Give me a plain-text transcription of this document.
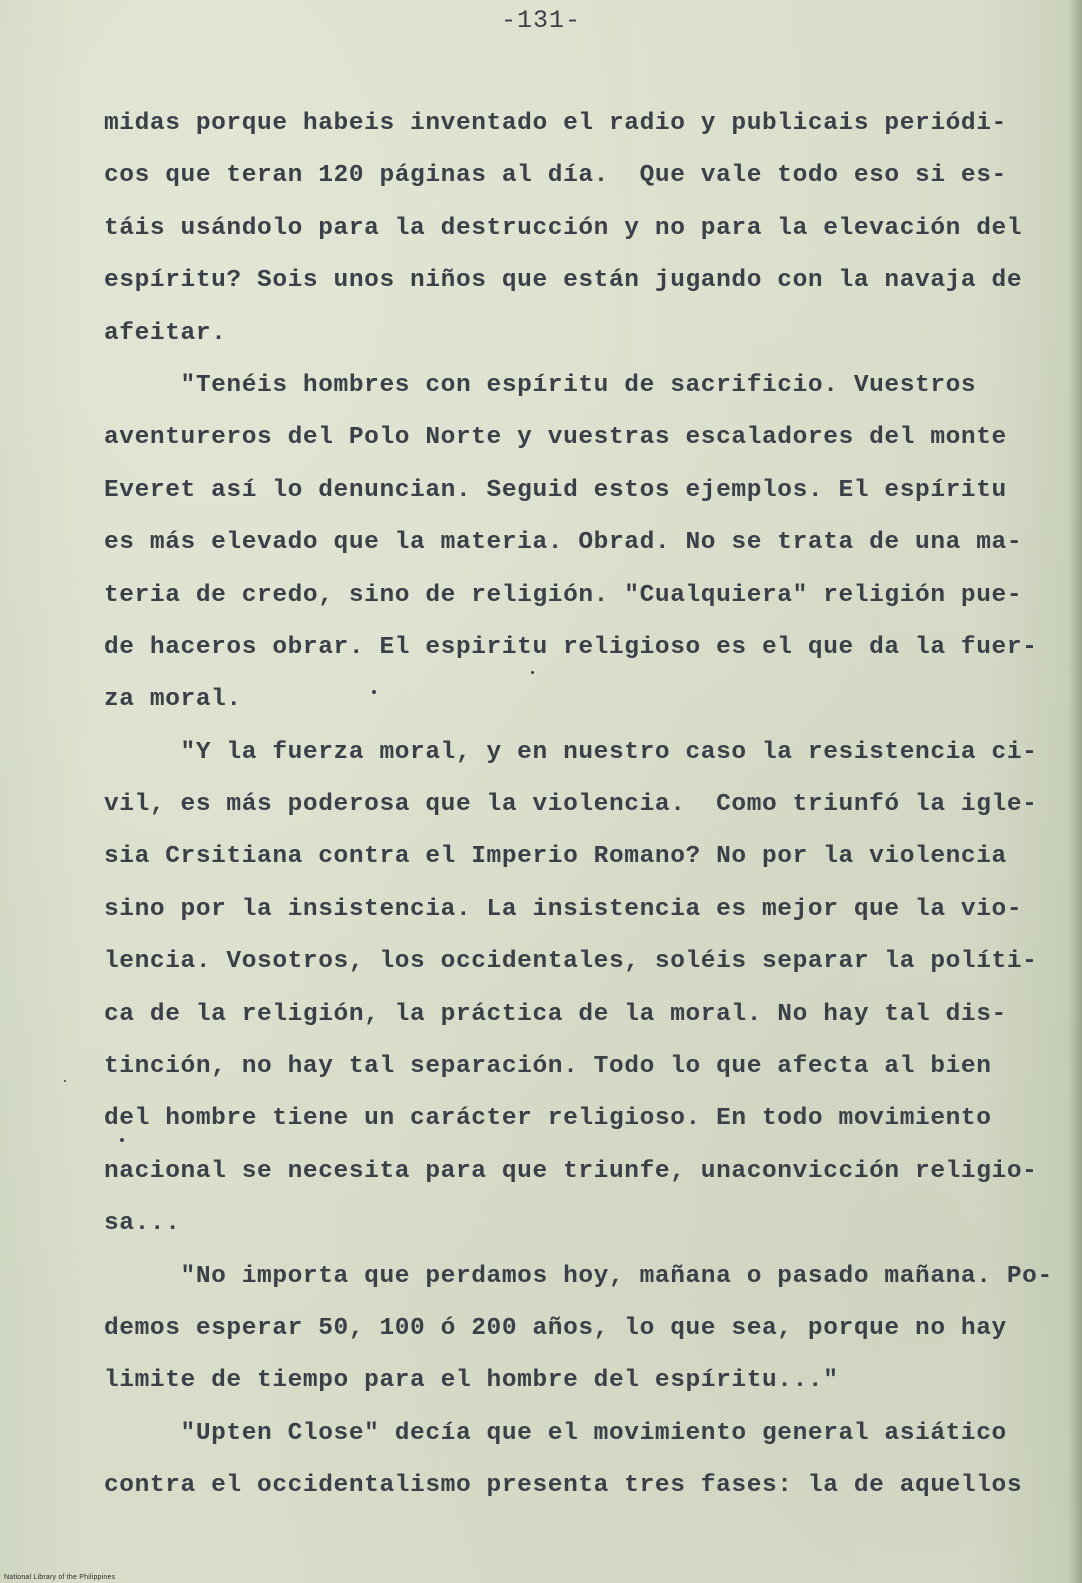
-131-
midas porque habeis inventado el radio y publicais periódi-
cos que teran 120 páginas al día.  Que vale todo eso si es-
táis usándolo para la destrucción y no para la elevación del
espíritu? Sois unos niños que están jugando con la navaja de
afeitar.
"Tenéis hombres con espíritu de sacrificio. Vuestros
aventureros del Polo Norte y vuestras escaladores del monte
Everet así lo denuncian. Seguid estos ejemplos. El espíritu
es más elevado que la materia. Obrad. No se trata de una ma-
teria de credo, sino de religión. "Cualquiera" religión pue-
de haceros obrar. El espiritu religioso es el que da la fuer-
za moral.
"Y la fuerza moral, y en nuestro caso la resistencia ci-
vil, es más poderosa que la violencia.  Como triunfó la igle-
sia Crsitiana contra el Imperio Romano? No por la violencia
sino por la insistencia. La insistencia es mejor que la vio-
lencia. Vosotros, los occidentales, soléis separar la políti-
ca de la religión, la práctica de la moral. No hay tal dis-
tinción, no hay tal separación. Todo lo que afecta al bien
del hombre tiene un carácter religioso. En todo movimiento
nacional se necesita para que triunfe, unaconvicción religio-
sa...
"No importa que perdamos hoy, mañana o pasado mañana. Po-
demos esperar 50, 100 ó 200 años, lo que sea, porque no hay
limite de tiempo para el hombre del espíritu..."
"Upten Close" decía que el movimiento general asiático
contra el occidentalismo presenta tres fases: la de aquellos
National Library of the Philippines
